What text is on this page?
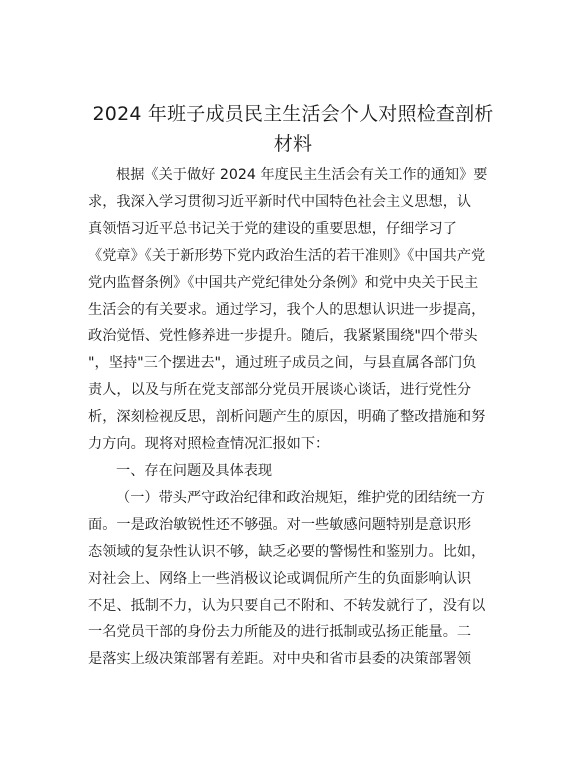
2024 年班子成员民主生活会个人对照检查剖析
材料

根据《关于做好 2024 年度民主生活会有关工作的通知》要
求，我深入学习贯彻习近平新时代中国特色社会主义思想，认
真领悟习近平总书记关于党的建设的重要思想，仔细学习了
《党章》《关于新形势下党内政治生活的若干准则》《中国共产党
党内监督条例》《中国共产党纪律处分条例》和党中央关于民主
生活会的有关要求。通过学习，我个人的思想认识进一步提高，
政治觉悟、党性修养进一步提升。随后，我紧紧围绕"四个带头
"，坚持"三个摆进去"，通过班子成员之间，与县直属各部门负
责人，以及与所在党支部部分党员开展谈心谈话，进行党性分
析，深刻检视反思，剖析问题产生的原因，明确了整改措施和努
力方向。现将对照检查情况汇报如下：

一、存在问题及具体表现

（一）带头严守政治纪律和政治规矩，维护党的团结统一方
面。一是政治敏锐性还不够强。对一些敏感问题特别是意识形
态领域的复杂性认识不够，缺乏必要的警惕性和鉴别力。比如，
对社会上、网络上一些消极议论或调侃所产生的负面影响认识
不足、抵制不力，认为只要自己不附和、不转发就行了，没有以
一名党员干部的身份去力所能及的进行抵制或弘扬正能量。二
是落实上级决策部署有差距。对中央和省市县委的决策部署领
